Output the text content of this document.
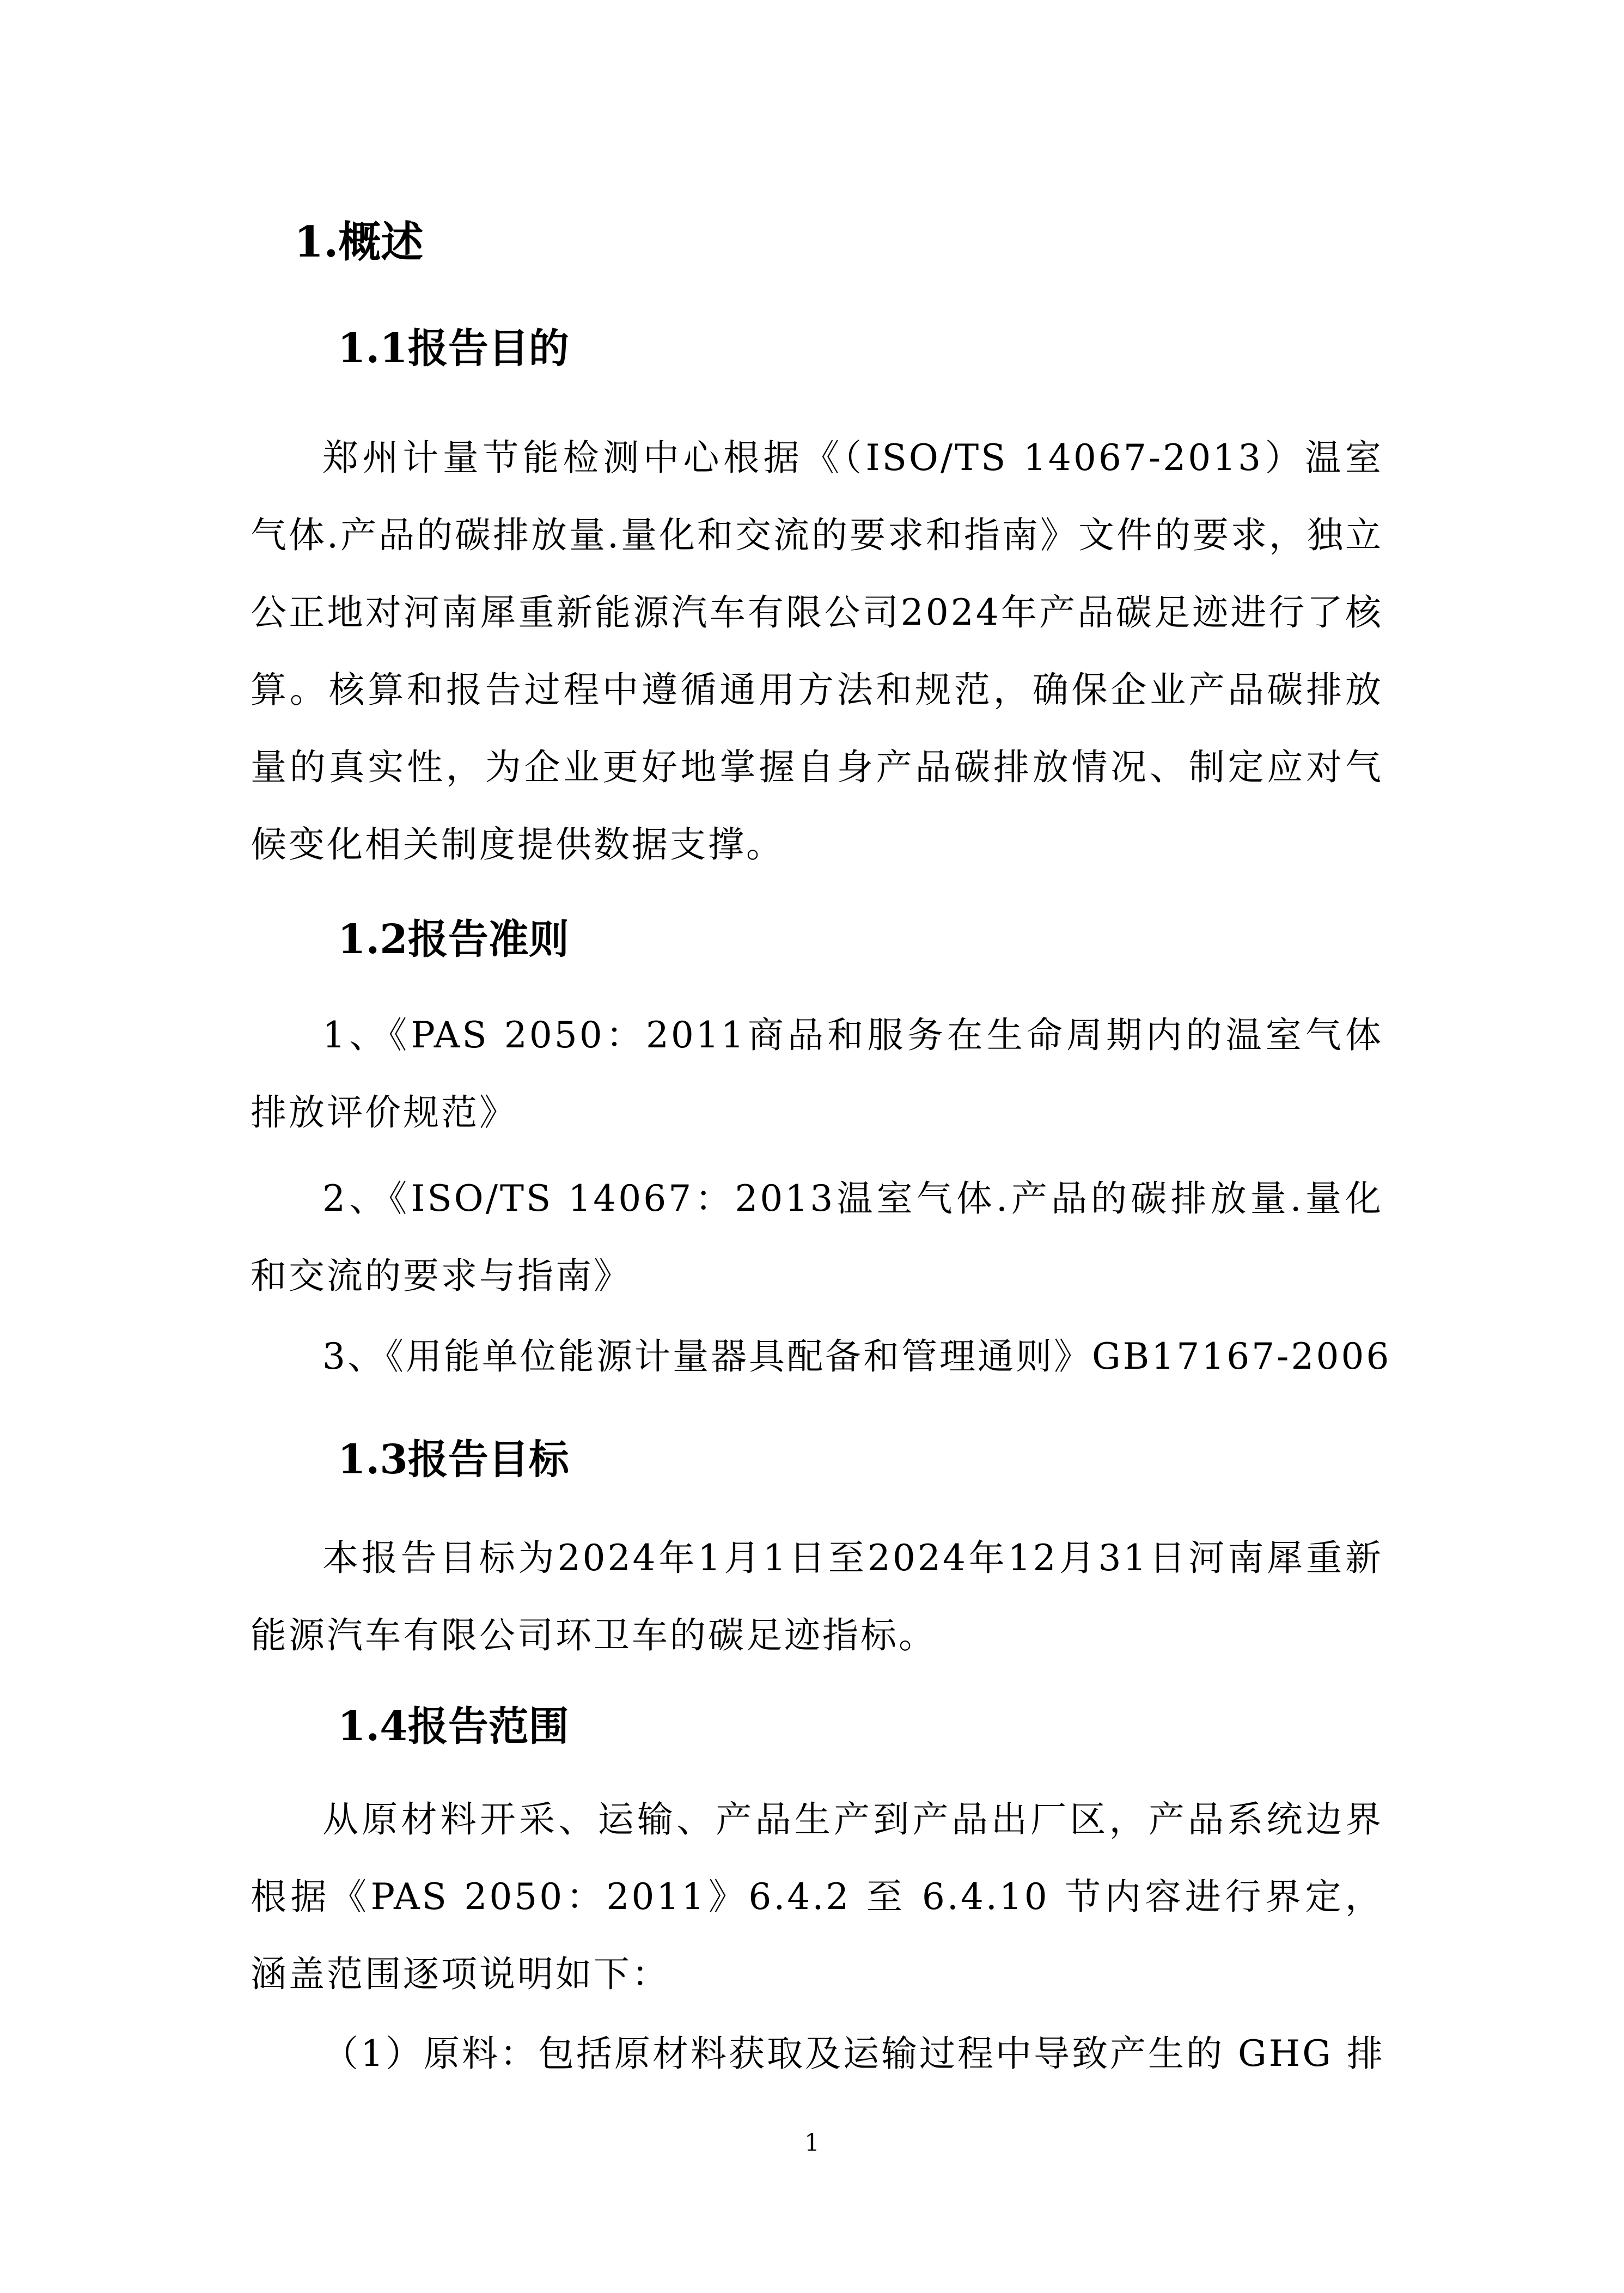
1.概述
1.1报告目的
郑州计量节能检测中心根据《（ISO/TS 14067-2013）温室气体.产品的碳排放量.量化和交流的要求和指南》文件的要求，独立公正地对河南犀重新能源汽车有限公司2024年产品碳足迹进行了核算。核算和报告过程中遵循通用方法和规范，确保企业产品碳排放量的真实性，为企业更好地掌握自身产品碳排放情况、制定应对气候变化相关制度提供数据支撑。
1.2报告准则
1、《PAS 2050：2011商品和服务在生命周期内的温室气体排放评价规范》
2、《ISO/TS 14067：2013温室气体.产品的碳排放量.量化和交流的要求与指南》
3、《用能单位能源计量器具配备和管理通则》GB17167-2006
1.3报告目标
本报告目标为2024年1月1日至2024年12月31日河南犀重新能源汽车有限公司环卫车的碳足迹指标。
1.4报告范围
从原材料开采、运输、产品生产到产品出厂区，产品系统边界根据《PAS 2050：2011》6.4.2 至 6.4.10 节内容进行界定，涵盖范围逐项说明如下：
（1）原料：包括原材料获取及运输过程中导致产生的 GHG 排
1
